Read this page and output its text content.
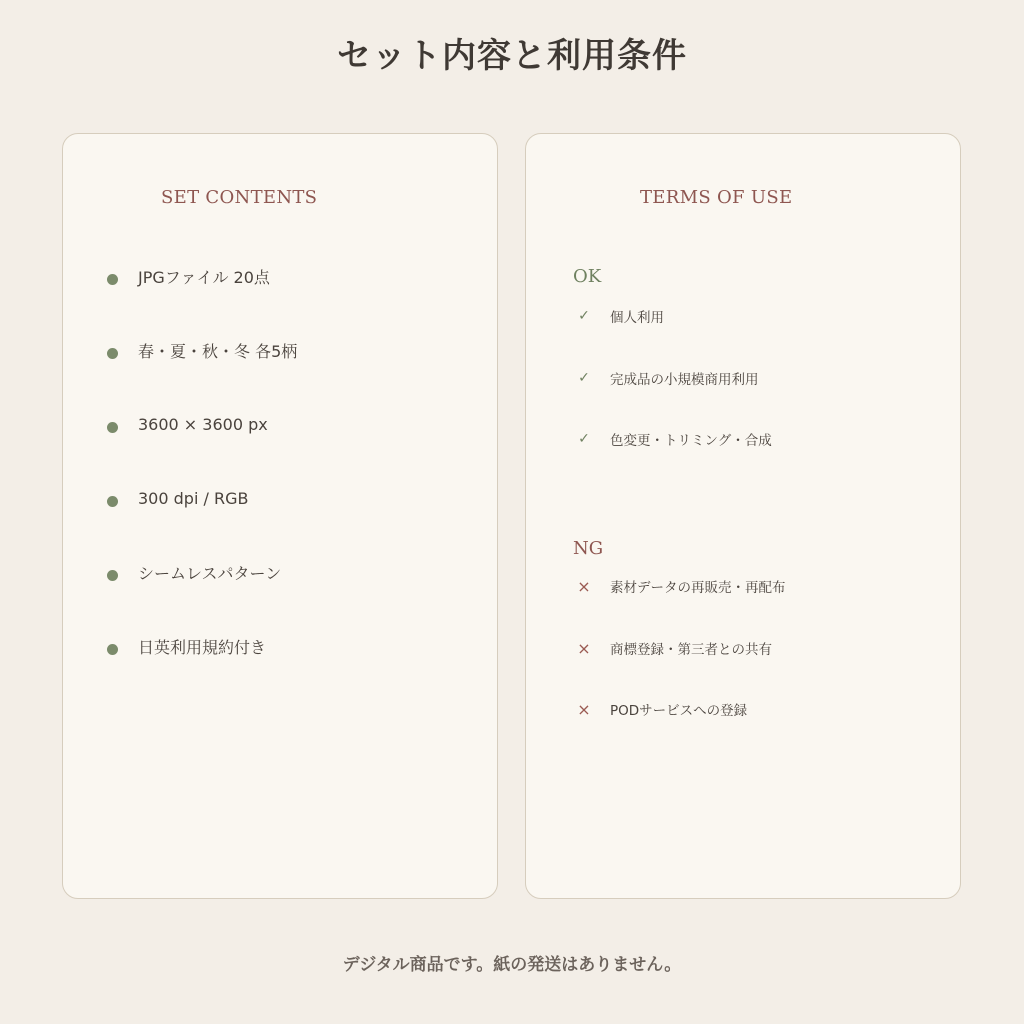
セット内容と利用条件
SET CONTENTS
JPGファイル 20点
春・夏・秋・冬 各5柄
3600 × 3600 px
300 dpi / RGB
シームレスパターン
日英利用規約付き
TERMS OF USE
OK
✓ 個人利用
✓ 完成品の小規模商用利用
✓ 色変更・トリミング・合成
NG
× 素材データの再販売・再配布
× 商標登録・第三者との共有
× PODサービスへの登録
デジタル商品です。紙の発送はありません。
